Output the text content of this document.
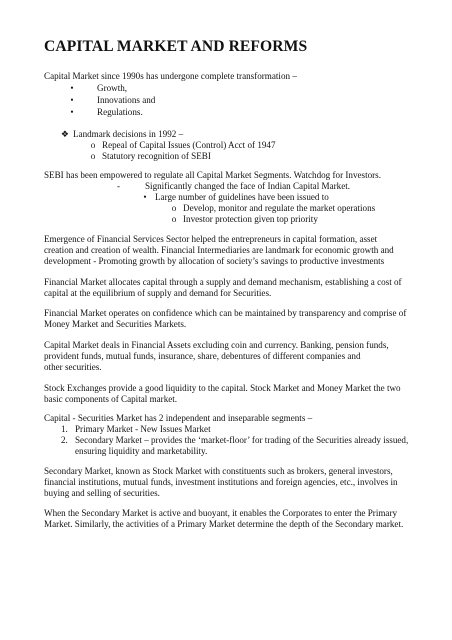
CAPITAL MARKET AND REFORMS
Capital Market since 1990s has undergone complete transformation –
•	Growth,
•	Innovations and
•	Regulations.
❖ Landmark decisions in 1992 –
o Repeal of Capital Issues (Control) Acct of 1947
o Statutory recognition of SEBI
SEBI has been empowered to regulate all Capital Market Segments. Watchdog for Investors.
-	Significantly changed the face of Indian Capital Market.
• Large number of guidelines have been issued to
o Develop, monitor and regulate the market operations
o Investor protection given top priority
Emergence of Financial Services Sector helped the entrepreneurs in capital formation, asset
creation and creation of wealth. Financial Intermediaries are landmark for economic growth and
development - Promoting growth by allocation of society’s savings to productive investments
Financial Market allocates capital through a supply and demand mechanism, establishing a cost of
capital at the equilibrium of supply and demand for Securities.
Financial Market operates on confidence which can be maintained by transparency and comprise of
Money Market and Securities Markets.
Capital Market deals in Financial Assets excluding coin and currency. Banking, pension funds,
provident funds, mutual funds, insurance, share, debentures of different companies and
other securities.
Stock Exchanges provide a good liquidity to the capital. Stock Market and Money Market the two
basic components of Capital market.
Capital - Securities Market has 2 independent and inseparable segments –
1. Primary Market - New Issues Market
2. Secondary Market – provides the ‘market-floor’ for trading of the Securities already issued,
ensuring liquidity and marketability.
Secondary Market, known as Stock Market with constituents such as brokers, general investors,
financial institutions, mutual funds, investment institutions and foreign agencies, etc., involves in
buying and selling of securities.
When the Secondary Market is active and buoyant, it enables the Corporates to enter the Primary
Market. Similarly, the activities of a Primary Market determine the depth of the Secondary market.
